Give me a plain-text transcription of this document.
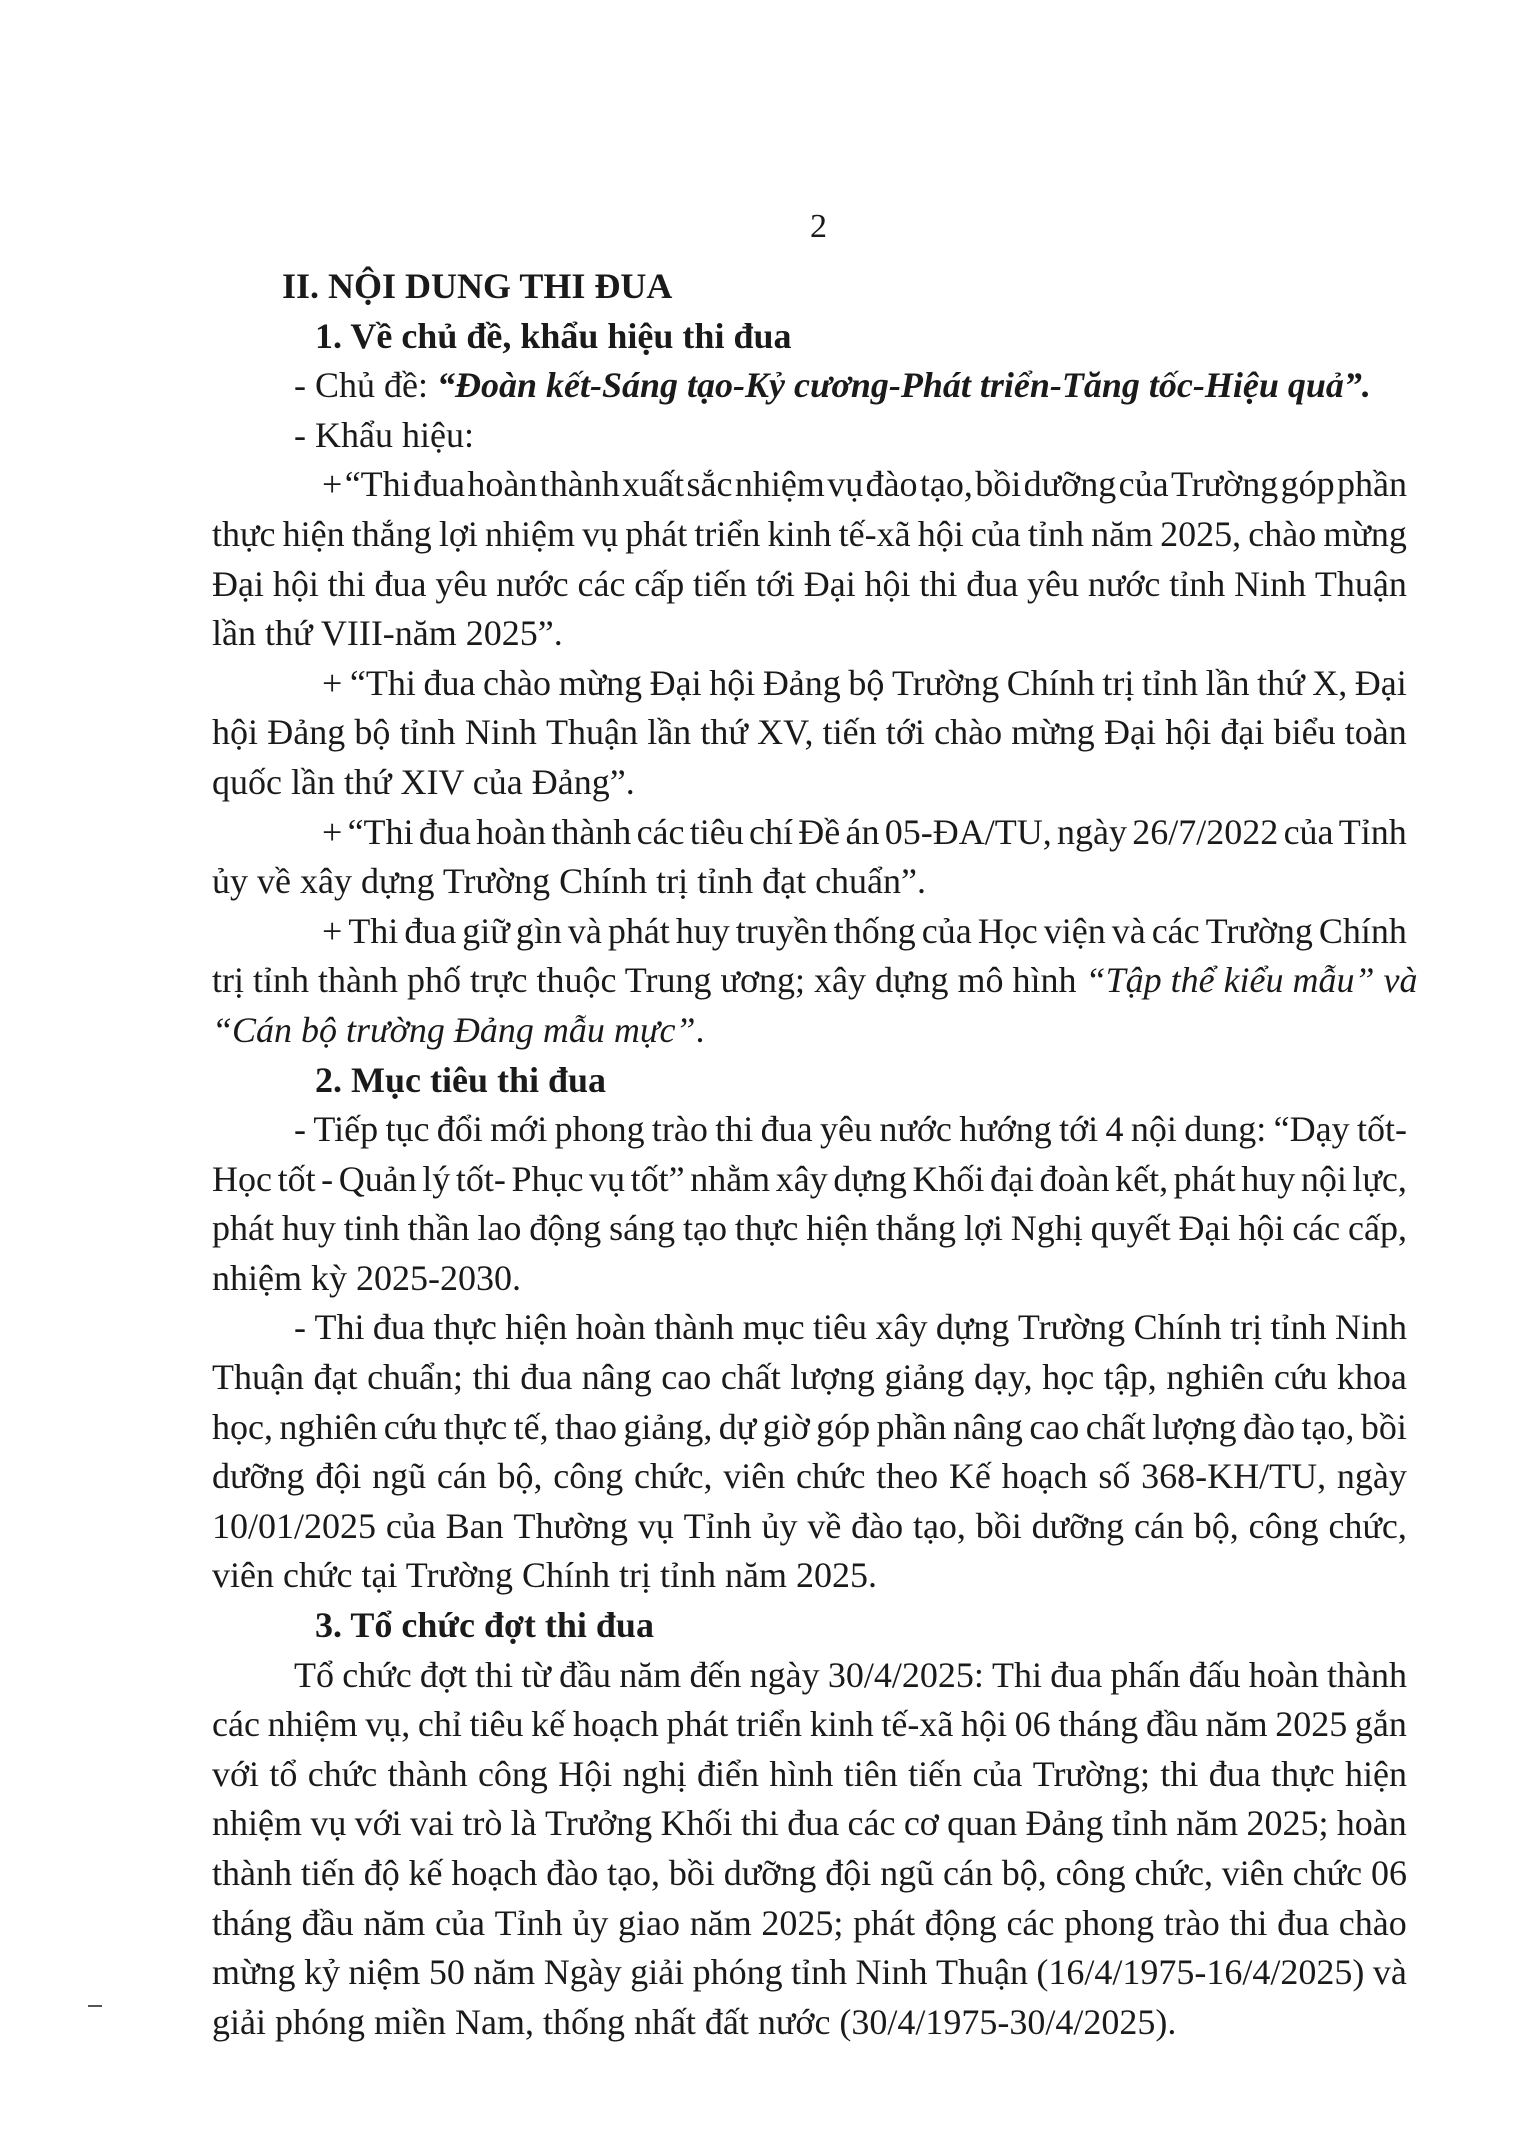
2
II. NỘI DUNG THI ĐUA
1. Về chủ đề, khẩu hiệu thi đua
- Chủ đề: “Đoàn kết-Sáng tạo-Kỷ cương-Phát triển-Tăng tốc-Hiệu quả”.
- Khẩu hiệu:
+ “Thi đua hoàn thành xuất sắc nhiệm vụ đào tạo, bồi dưỡng của Trường góp phần
thực hiện thắng lợi nhiệm vụ phát triển kinh tế-xã hội của tỉnh năm 2025, chào mừng
Đại hội thi đua yêu nước các cấp tiến tới Đại hội thi đua yêu nước tỉnh Ninh Thuận
lần thứ VIII-năm 2025”.
+ “Thi đua chào mừng Đại hội Đảng bộ Trường Chính trị tỉnh lần thứ X, Đại
hội Đảng bộ tỉnh Ninh Thuận lần thứ XV, tiến tới chào mừng Đại hội đại biểu toàn
quốc lần thứ XIV của Đảng”.
+ “Thi đua hoàn thành các tiêu chí Đề án 05-ĐA/TU, ngày 26/7/2022 của Tỉnh
ủy về xây dựng Trường Chính trị tỉnh đạt chuẩn”.
+ Thi đua giữ gìn và phát huy truyền thống của Học viện và các Trường Chính
trị tỉnh thành phố trực thuộc Trung ương; xây dựng mô hình “Tập thể kiểu mẫu” và
“Cán bộ trường Đảng mẫu mực”.
2. Mục tiêu thi đua
- Tiếp tục đổi mới phong trào thi đua yêu nước hướng tới 4 nội dung: “Dạy tốt-
Học tốt - Quản lý tốt- Phục vụ tốt” nhằm xây dựng Khối đại đoàn kết, phát huy nội lực,
phát huy tinh thần lao động sáng tạo thực hiện thắng lợi Nghị quyết Đại hội các cấp,
nhiệm kỳ 2025-2030.
- Thi đua thực hiện hoàn thành mục tiêu xây dựng Trường Chính trị tỉnh Ninh
Thuận đạt chuẩn; thi đua nâng cao chất lượng giảng dạy, học tập, nghiên cứu khoa
học, nghiên cứu thực tế, thao giảng, dự giờ góp phần nâng cao chất lượng đào tạo, bồi
dưỡng đội ngũ cán bộ, công chức, viên chức theo Kế hoạch số 368-KH/TU, ngày
10/01/2025 của Ban Thường vụ Tỉnh ủy về đào tạo, bồi dưỡng cán bộ, công chức,
viên chức tại Trường Chính trị tỉnh năm 2025.
3. Tổ chức đợt thi đua
Tổ chức đợt thi từ đầu năm đến ngày 30/4/2025: Thi đua phấn đấu hoàn thành
các nhiệm vụ, chỉ tiêu kế hoạch phát triển kinh tế-xã hội 06 tháng đầu năm 2025 gắn
với tổ chức thành công Hội nghị điển hình tiên tiến của Trường; thi đua thực hiện
nhiệm vụ với vai trò là Trưởng Khối thi đua các cơ quan Đảng tỉnh năm 2025; hoàn
thành tiến độ kế hoạch đào tạo, bồi dưỡng đội ngũ cán bộ, công chức, viên chức 06
tháng đầu năm của Tỉnh ủy giao năm 2025; phát động các phong trào thi đua chào
mừng kỷ niệm 50 năm Ngày giải phóng tỉnh Ninh Thuận (16/4/1975-16/4/2025) và
giải phóng miền Nam, thống nhất đất nước (30/4/1975-30/4/2025).
